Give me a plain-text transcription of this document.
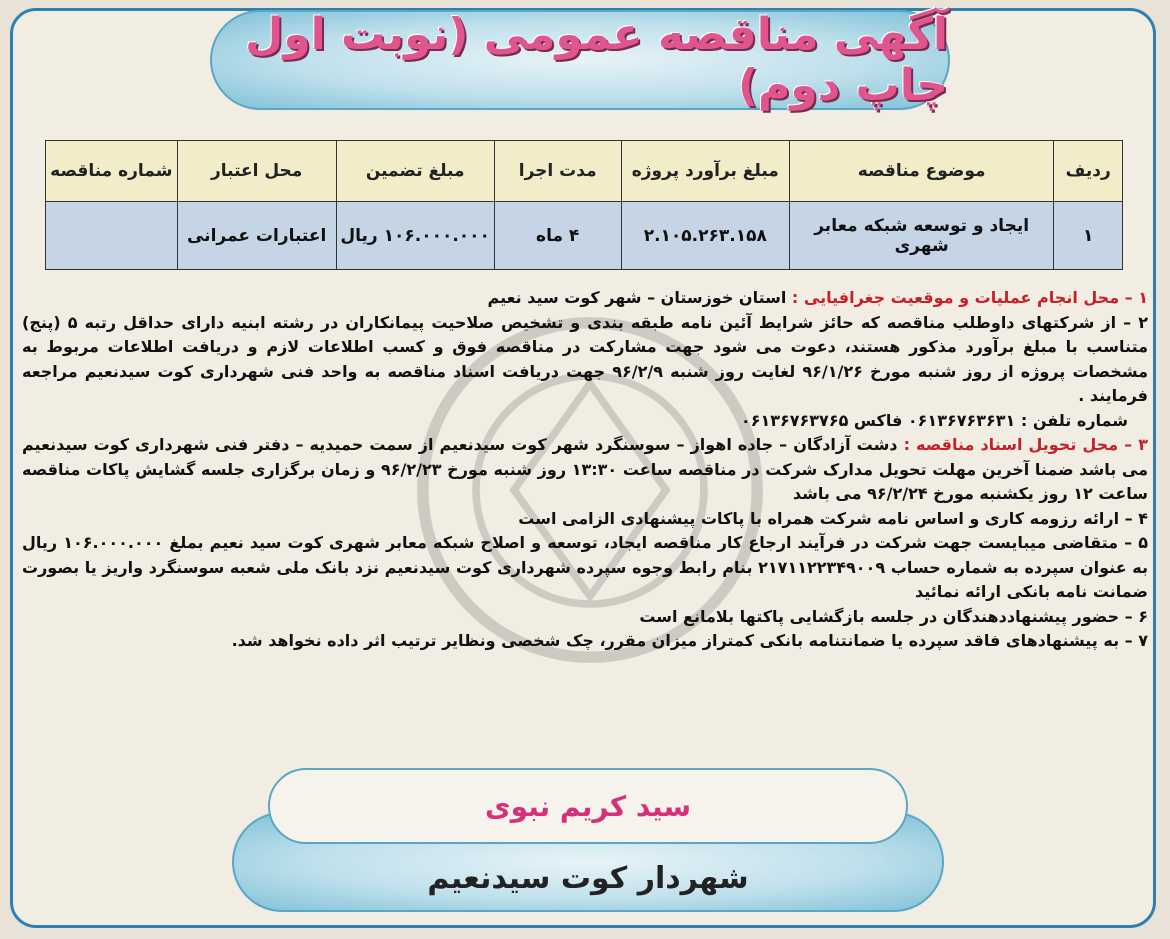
آگهی مناقصه عمومی (نوبت اول چاپ دوم)
ردیف	موضوع مناقصه	مبلغ برآورد پروژه	مدت اجرا	مبلغ تضمین	محل اعتبار	شماره مناقصه
۱	ایجاد و توسعه شبکه معابر شهری	۲.۱۰۵.۲۶۳.۱۵۸	۴ ماه	۱۰۶.۰۰۰.۰۰۰ ریال	اعتبارات عمرانی	

۱ – محل انجام عملیات و موقعیت جغرافیایی : استان خوزستان – شهر کوت سید نعیم

۲ – از شرکتهای داوطلب مناقصه که حائز شرایط آئین نامه طبقه بندی و تشخیص صلاحیت پیمانکاران در رشته ابنیه دارای حداقل رتبه ۵ (پنج) متناسب با مبلغ برآورد مذکور هستند، دعوت می شود جهت مشارکت در مناقصه فوق و کسب اطلاعات لازم و دریافت اطلاعات مربوط به مشخصات پروژه از روز شنبه مورخ ۹۶/۱/۲۶ لغایت روز شنبه ۹۶/۲/۹ جهت دریافت اسناد مناقصه به واحد فنی شهرداری کوت سیدنعیم مراجعه فرمایند .

شماره تلفن : ۰۶۱۳۶۷۶۳۶۳۱ فاکس ۰۶۱۳۶۷۶۳۷۶۵

۳ – محل تحویل اسناد مناقصه : دشت آزادگان – جاده اهواز – سوسنگرد شهر کوت سیدنعیم از سمت حمیدیه – دفتر فنی شهرداری کوت سیدنعیم می باشد ضمنا آخرین مهلت تحویل مدارک شرکت در مناقصه ساعت ۱۳:۳۰ روز شنبه مورخ ۹۶/۲/۲۳ و زمان برگزاری جلسه گشایش پاکات مناقصه ساعت ۱۲ روز یکشنبه مورخ ۹۶/۲/۲۴ می باشد

۴ – ارائه رزومه کاری و اساس نامه شرکت همراه با پاکات پیشنهادی الزامی است

۵ – متقاضی میبایست جهت شرکت در فرآیند ارجاع کار مناقصه ایجاد، توسعه و اصلاح شبکه معابر شهری کوت سید نعیم بملغ ۱۰۶.۰۰۰.۰۰۰ ریال به عنوان سپرده به شماره حساب ۲۱۷۱۱۲۲۳۴۹۰۰۹ بنام رابط وجوه سپرده شهرداری کوت سیدنعیم نزد بانک ملی شعبه سوسنگرد واریز یا بصورت ضمانت نامه بانکی ارائه نمائید

۶ – حضور پیشنهاددهندگان در جلسه بازگشایی پاکتها بلامانع است

۷ – به پیشنهادهای فاقد سپرده یا ضمانتنامه بانکی کمتراز میزان مقرر، چک شخصی ونظایر ترتیب اثر داده نخواهد شد.

سید کریم نبوی
شهردار کوت سیدنعیم
